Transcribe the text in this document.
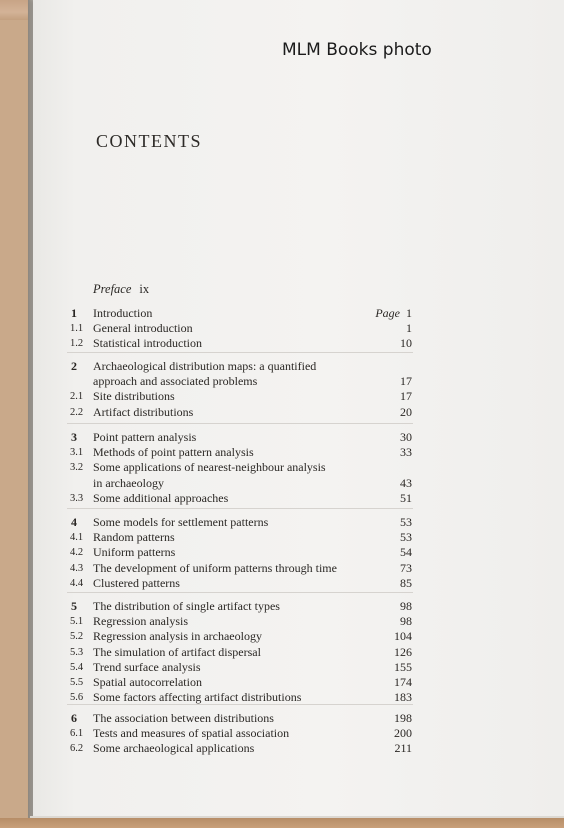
MLM Books photo
CONTENTS
Preface ix
1	Introduction	Page 1
1.1 General introduction	1
1.2 Statistical introduction	10
2	Archaeological distribution maps: a quantified
approach and associated problems	17
2.1 Site distributions	17
2.2 Artifact distributions	20
3	Point pattern analysis	30
3.1 Methods of point pattern analysis	33
3.2 Some applications of nearest-neighbour analysis
in archaeology	43
3.3 Some additional approaches	51
4	Some models for settlement patterns	53
4.1 Random patterns	53
4.2 Uniform patterns	54
4.3 The development of uniform patterns through time	73
4.4 Clustered patterns	85
5	The distribution of single artifact types	98
5.1 Regression analysis	98
5.2 Regression analysis in archaeology	104
5.3 The simulation of artifact dispersal	126
5.4 Trend surface analysis	155
5.5 Spatial autocorrelation	174
5.6 Some factors affecting artifact distributions	183
6	The association between distributions	198
6.1 Tests and measures of spatial association	200
6.2 Some archaeological applications	211
